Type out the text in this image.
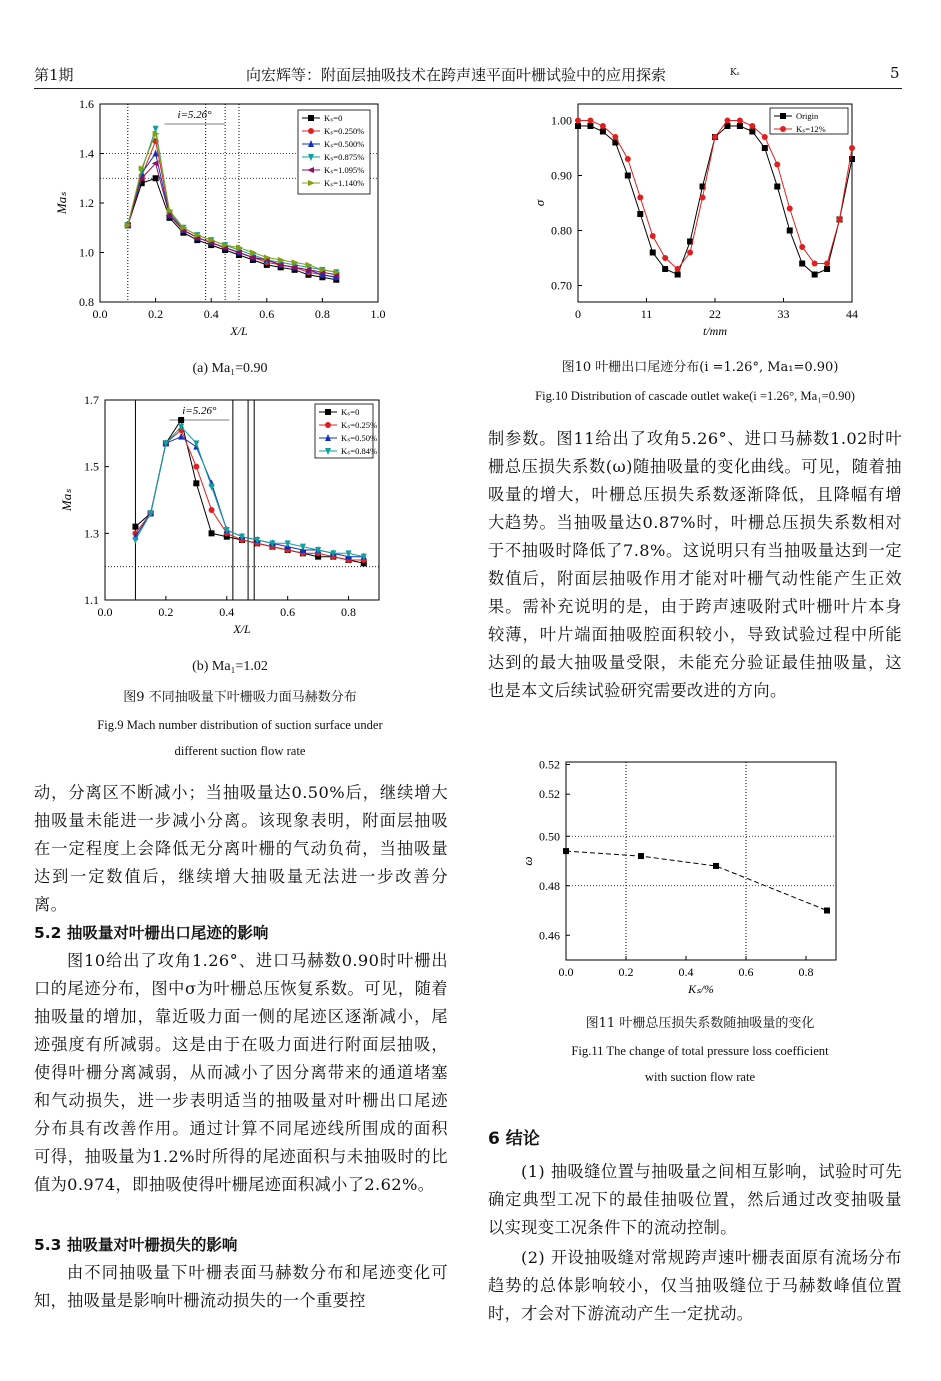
第1期	向宏辉等：附面层抽吸技术在跨声速平面叶栅试验中的应用探索	Kₛ	5
0.0	0.2	0.4	0.6	0.8	1.0
0.8
1.0
1.2
1.4
1.6
X/L
Maₛ
i=5.26°	Kₛ=0
Kₛ=0.250%
Kₛ=0.500%
Kₛ=0.875%
Kₛ=1.095%
Kₛ=1.140%
(a) Ma₁=0.90
0.0	0.2	0.4	0.6	0.8
1.1
1.3
1.5
1.7
X/L
Maₛ
i=5.26°	Kₛ=0
Kₛ=0.25%
Kₛ=0.50%
Kₛ=0.84%
(b) Ma₁=1.02
图9 不同抽吸量下叶栅吸力面马赫数分布
Fig.9 Mach number distribution of suction surface under
different suction flow rate
动，分离区不断减小；当抽吸量达0.50%后，继续增大抽吸量未能进一步减小分离。该现象表明，附面层抽吸在一定程度上会降低无分离叶栅的气动负荷，当抽吸量达到一定数值后，继续增大抽吸量无法进一步改善分离。
5.2 抽吸量对叶栅出口尾迹的影响
图10给出了攻角1.26°、进口马赫数0.90时叶栅出口的尾迹分布，图中σ为叶栅总压恢复系数。可见，随着抽吸量的增加，靠近吸力面一侧的尾迹区逐渐减小，尾迹强度有所减弱。这是由于在吸力面进行附面层抽吸，使得叶栅分离减弱，从而减小了因分离带来的通道堵塞和气动损失，进一步表明适当的抽吸量对叶栅出口尾迹分布具有改善作用。通过计算不同尾迹线所围成的面积可得，抽吸量为1.2%时所得的尾迹面积与未抽吸时的比值为0.974，即抽吸使得叶栅尾迹面积减小了2.62%。
5.3 抽吸量对叶栅损失的影响
由不同抽吸量下叶栅表面马赫数分布和尾迹变化可知，抽吸量是影响叶栅流动损失的一个重要控
0	11	22	33	44
0.70
0.80
0.90
1.00
t/mm
σ
Origin
Kₛ=12%
图10 叶栅出口尾迹分布(i =1.26°, Ma₁=0.90)
Fig.10 Distribution of cascade outlet wake(i =1.26°, Ma₁=0.90)
制参数。图11给出了攻角5.26°、进口马赫数1.02时叶栅总压损失系数(ω)随抽吸量的变化曲线。可见，随着抽吸量的增大，叶栅总压损失系数逐渐降低，且降幅有增大趋势。当抽吸量达0.87%时，叶栅总压损失系数相对于不抽吸时降低了7.8%。这说明只有当抽吸量达到一定数值后，附面层抽吸作用才能对叶栅气动性能产生正效果。需补充说明的是，由于跨声速吸附式叶栅叶片本身较薄，叶片端面抽吸腔面积较小，导致试验过程中所能达到的最大抽吸量受限，未能充分验证最佳抽吸量，这也是本文后续试验研究需要改进的方向。
0.0	0.2	0.4	0.6	0.8
0.46
0.48
0.50
0.52
0.52
Kₛ/%
ω
图11 叶栅总压损失系数随抽吸量的变化
Fig.11 The change of total pressure loss coefficient
with suction flow rate
6 结论
(1) 抽吸缝位置与抽吸量之间相互影响，试验时可先确定典型工况下的最佳抽吸位置，然后通过改变抽吸量以实现变工况条件下的流动控制。
(2) 开设抽吸缝对常规跨声速叶栅表面原有流场分布趋势的总体影响较小，仅当抽吸缝位于马赫数峰值位置时，才会对下游流动产生一定扰动。
